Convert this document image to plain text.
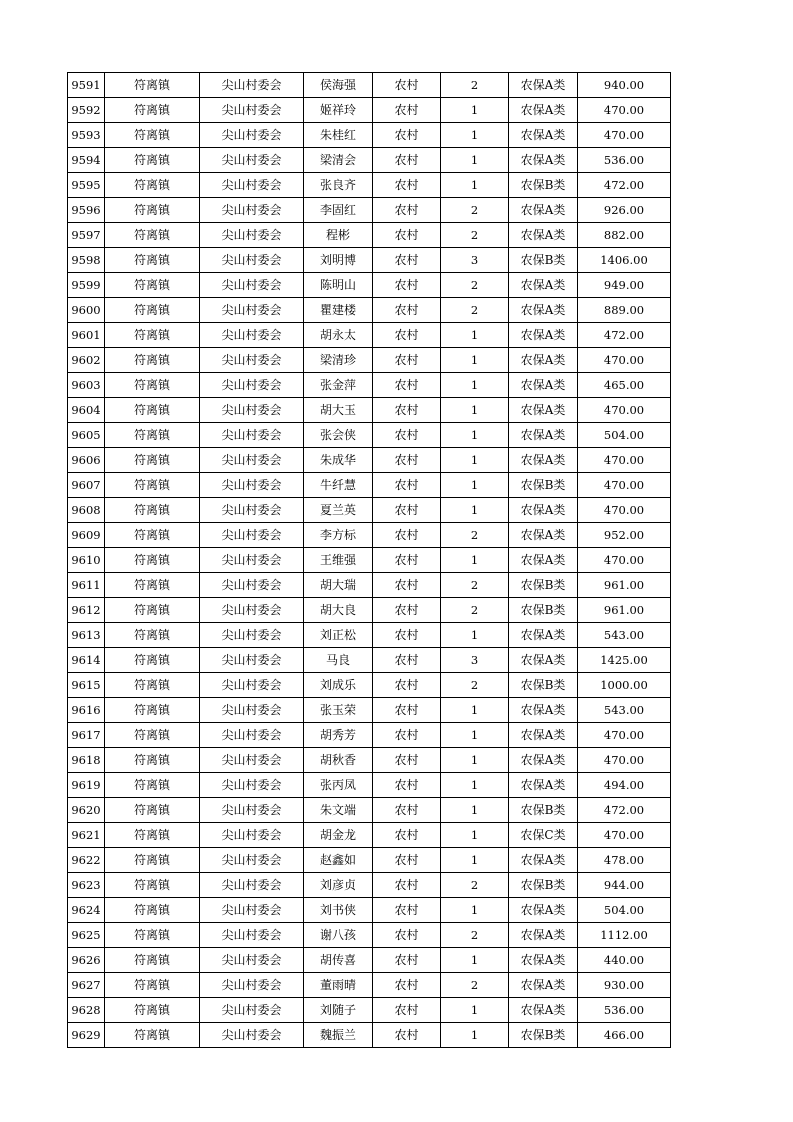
9591	符离镇	尖山村委会	侯海强	农村	2	农保A类	940.00
9592	符离镇	尖山村委会	姬祥玲	农村	1	农保A类	470.00
9593	符离镇	尖山村委会	朱桂红	农村	1	农保A类	470.00
9594	符离镇	尖山村委会	梁清会	农村	1	农保A类	536.00
9595	符离镇	尖山村委会	张良齐	农村	1	农保B类	472.00
9596	符离镇	尖山村委会	李固红	农村	2	农保A类	926.00
9597	符离镇	尖山村委会	程彬	农村	2	农保A类	882.00
9598	符离镇	尖山村委会	刘明博	农村	3	农保B类	1406.00
9599	符离镇	尖山村委会	陈明山	农村	2	农保A类	949.00
9600	符离镇	尖山村委会	瞿建楼	农村	2	农保A类	889.00
9601	符离镇	尖山村委会	胡永太	农村	1	农保A类	472.00
9602	符离镇	尖山村委会	梁清珍	农村	1	农保A类	470.00
9603	符离镇	尖山村委会	张金萍	农村	1	农保A类	465.00
9604	符离镇	尖山村委会	胡大玉	农村	1	农保A类	470.00
9605	符离镇	尖山村委会	张会侠	农村	1	农保A类	504.00
9606	符离镇	尖山村委会	朱成华	农村	1	农保A类	470.00
9607	符离镇	尖山村委会	牛纤慧	农村	1	农保B类	470.00
9608	符离镇	尖山村委会	夏兰英	农村	1	农保A类	470.00
9609	符离镇	尖山村委会	李方标	农村	2	农保A类	952.00
9610	符离镇	尖山村委会	王维强	农村	1	农保A类	470.00
9611	符离镇	尖山村委会	胡大瑞	农村	2	农保B类	961.00
9612	符离镇	尖山村委会	胡大良	农村	2	农保B类	961.00
9613	符离镇	尖山村委会	刘正松	农村	1	农保A类	543.00
9614	符离镇	尖山村委会	马良	农村	3	农保A类	1425.00
9615	符离镇	尖山村委会	刘成乐	农村	2	农保B类	1000.00
9616	符离镇	尖山村委会	张玉荣	农村	1	农保A类	543.00
9617	符离镇	尖山村委会	胡秀芳	农村	1	农保A类	470.00
9618	符离镇	尖山村委会	胡秋香	农村	1	农保A类	470.00
9619	符离镇	尖山村委会	张丙凤	农村	1	农保A类	494.00
9620	符离镇	尖山村委会	朱文端	农村	1	农保B类	472.00
9621	符离镇	尖山村委会	胡金龙	农村	1	农保C类	470.00
9622	符离镇	尖山村委会	赵鑫如	农村	1	农保A类	478.00
9623	符离镇	尖山村委会	刘彦贞	农村	2	农保B类	944.00
9624	符离镇	尖山村委会	刘书侠	农村	1	农保A类	504.00
9625	符离镇	尖山村委会	谢八孩	农村	2	农保A类	1112.00
9626	符离镇	尖山村委会	胡传喜	农村	1	农保A类	440.00
9627	符离镇	尖山村委会	董雨晴	农村	2	农保A类	930.00
9628	符离镇	尖山村委会	刘随子	农村	1	农保A类	536.00
9629	符离镇	尖山村委会	魏振兰	农村	1	农保B类	466.00
